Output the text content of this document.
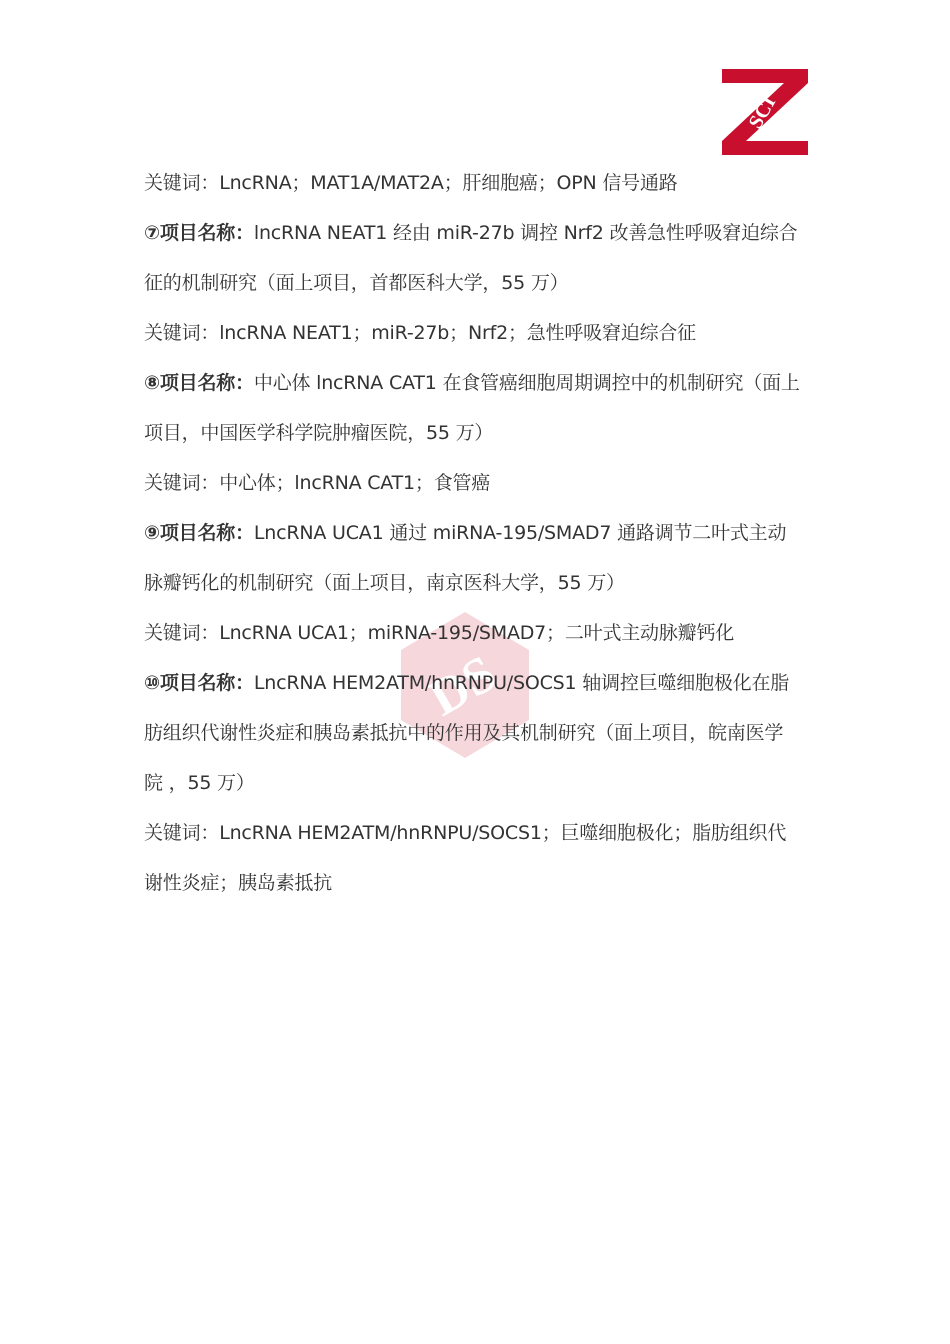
SCI
DS

关键词：LncRNA；MAT1A/MAT2A；肝细胞癌；OPN 信号通路

⑦项目名称：lncRNA NEAT1 经由 miR-27b 调控 Nrf2 改善急性呼吸窘迫综合

征的机制研究（面上项目，首都医科大学，55 万）

关键词：lncRNA NEAT1；miR-27b；Nrf2；急性呼吸窘迫综合征

⑧项目名称：中心体 lncRNA CAT1 在食管癌细胞周期调控中的机制研究（面上

项目，中国医学科学院肿瘤医院，55 万）

关键词：中心体；lncRNA CAT1；食管癌

⑨项目名称：LncRNA UCA1 通过 miRNA-195/SMAD7 通路调节二叶式主动

脉瓣钙化的机制研究（面上项目，南京医科大学，55 万）

关键词：LncRNA UCA1；miRNA-195/SMAD7；二叶式主动脉瓣钙化

⑩项目名称：LncRNA HEM2ATM/hnRNPU/SOCS1 轴调控巨噬细胞极化在脂

肪组织代谢性炎症和胰岛素抵抗中的作用及其机制研究（面上项目，皖南医学

院 ，55 万）

关键词：LncRNA HEM2ATM/hnRNPU/SOCS1；巨噬细胞极化；脂肪组织代

谢性炎症；胰岛素抵抗
